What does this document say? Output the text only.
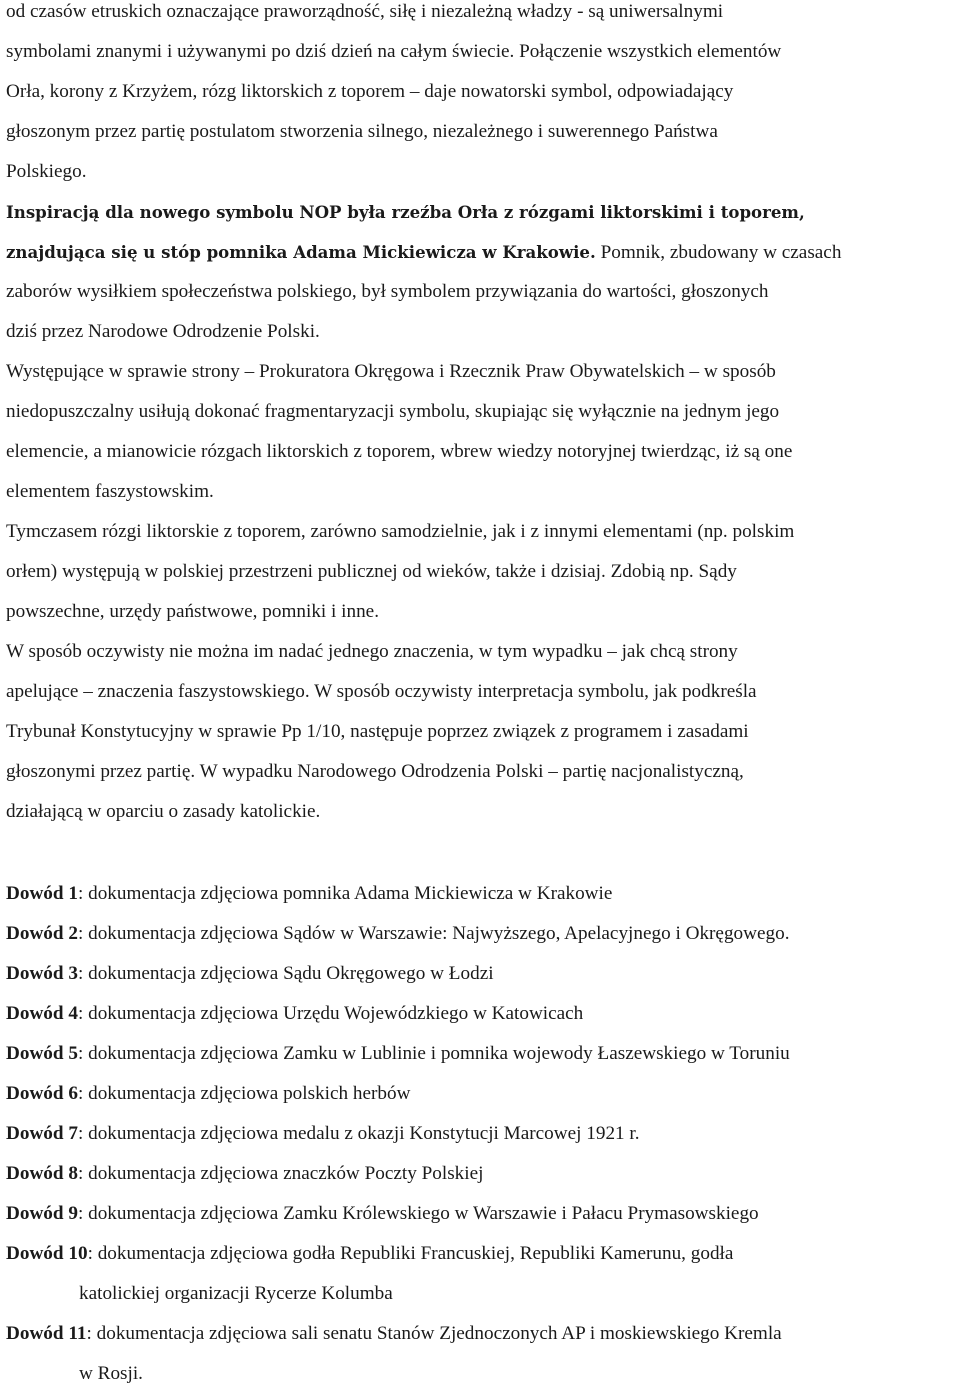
od czasów etruskich oznaczające praworządność, siłę i niezależną władzy - są uniwersalnymi
symbolami znanymi i używanymi po dziś dzień na całym świecie. Połączenie wszystkich elementów
Orła, korony z Krzyżem, rózg liktorskich z toporem – daje nowatorski symbol, odpowiadający
głoszonym przez partię postulatom stworzenia silnego, niezależnego i suwerennego Państwa
Polskiego.
Inspiracją dla nowego symbolu NOP była rzeźba Orła z rózgami liktorskimi i toporem,
znajdująca się u stóp pomnika Adama Mickiewicza w Krakowie. Pomnik, zbudowany w czasach
zaborów wysiłkiem społeczeństwa polskiego, był symbolem przywiązania do wartości, głoszonych
dziś przez Narodowe Odrodzenie Polski.
Występujące w sprawie strony – Prokuratora Okręgowa i Rzecznik Praw Obywatelskich – w sposób
niedopuszczalny usiłują dokonać fragmentaryzacji symbolu, skupiając się wyłącznie na jednym jego
elemencie, a mianowicie rózgach liktorskich z toporem, wbrew wiedzy notoryjnej twierdząc, iż są one
elementem faszystowskim.
Tymczasem rózgi liktorskie z toporem, zarówno samodzielnie, jak i z innymi elementami (np. polskim
orłem) występują w polskiej przestrzeni publicznej od wieków, także i dzisiaj. Zdobią np. Sądy
powszechne, urzędy państwowe, pomniki i inne.
W sposób oczywisty nie można im nadać jednego znaczenia, w tym wypadku – jak chcą strony
apelujące – znaczenia faszystowskiego. W sposób oczywisty interpretacja symbolu, jak podkreśla
Trybunał Konstytucyjny w sprawie Pp 1/10, następuje poprzez związek z programem i zasadami
głoszonymi przez partię. W wypadku Narodowego Odrodzenia Polski – partię nacjonalistyczną,
działającą w oparciu o zasady katolickie.
Dowód 1: dokumentacja zdjęciowa pomnika Adama Mickiewicza w Krakowie
Dowód 2: dokumentacja zdjęciowa Sądów w Warszawie: Najwyższego, Apelacyjnego i Okręgowego.
Dowód 3: dokumentacja zdjęciowa Sądu Okręgowego w Łodzi
Dowód 4: dokumentacja zdjęciowa Urzędu Wojewódzkiego w Katowicach
Dowód 5: dokumentacja zdjęciowa Zamku w Lublinie i pomnika wojewody Łaszewskiego w Toruniu
Dowód 6: dokumentacja zdjęciowa polskich herbów
Dowód 7: dokumentacja zdjęciowa medalu z okazji Konstytucji Marcowej 1921 r.
Dowód 8: dokumentacja zdjęciowa znaczków Poczty Polskiej
Dowód 9: dokumentacja zdjęciowa Zamku Królewskiego w Warszawie i Pałacu Prymasowskiego
Dowód 10: dokumentacja zdjęciowa godła Republiki Francuskiej, Republiki Kamerunu, godła
katolickiej organizacji Rycerze Kolumba
Dowód 11: dokumentacja zdjęciowa sali senatu Stanów Zjednoczonych AP i moskiewskiego Kremla
w Rosji.
